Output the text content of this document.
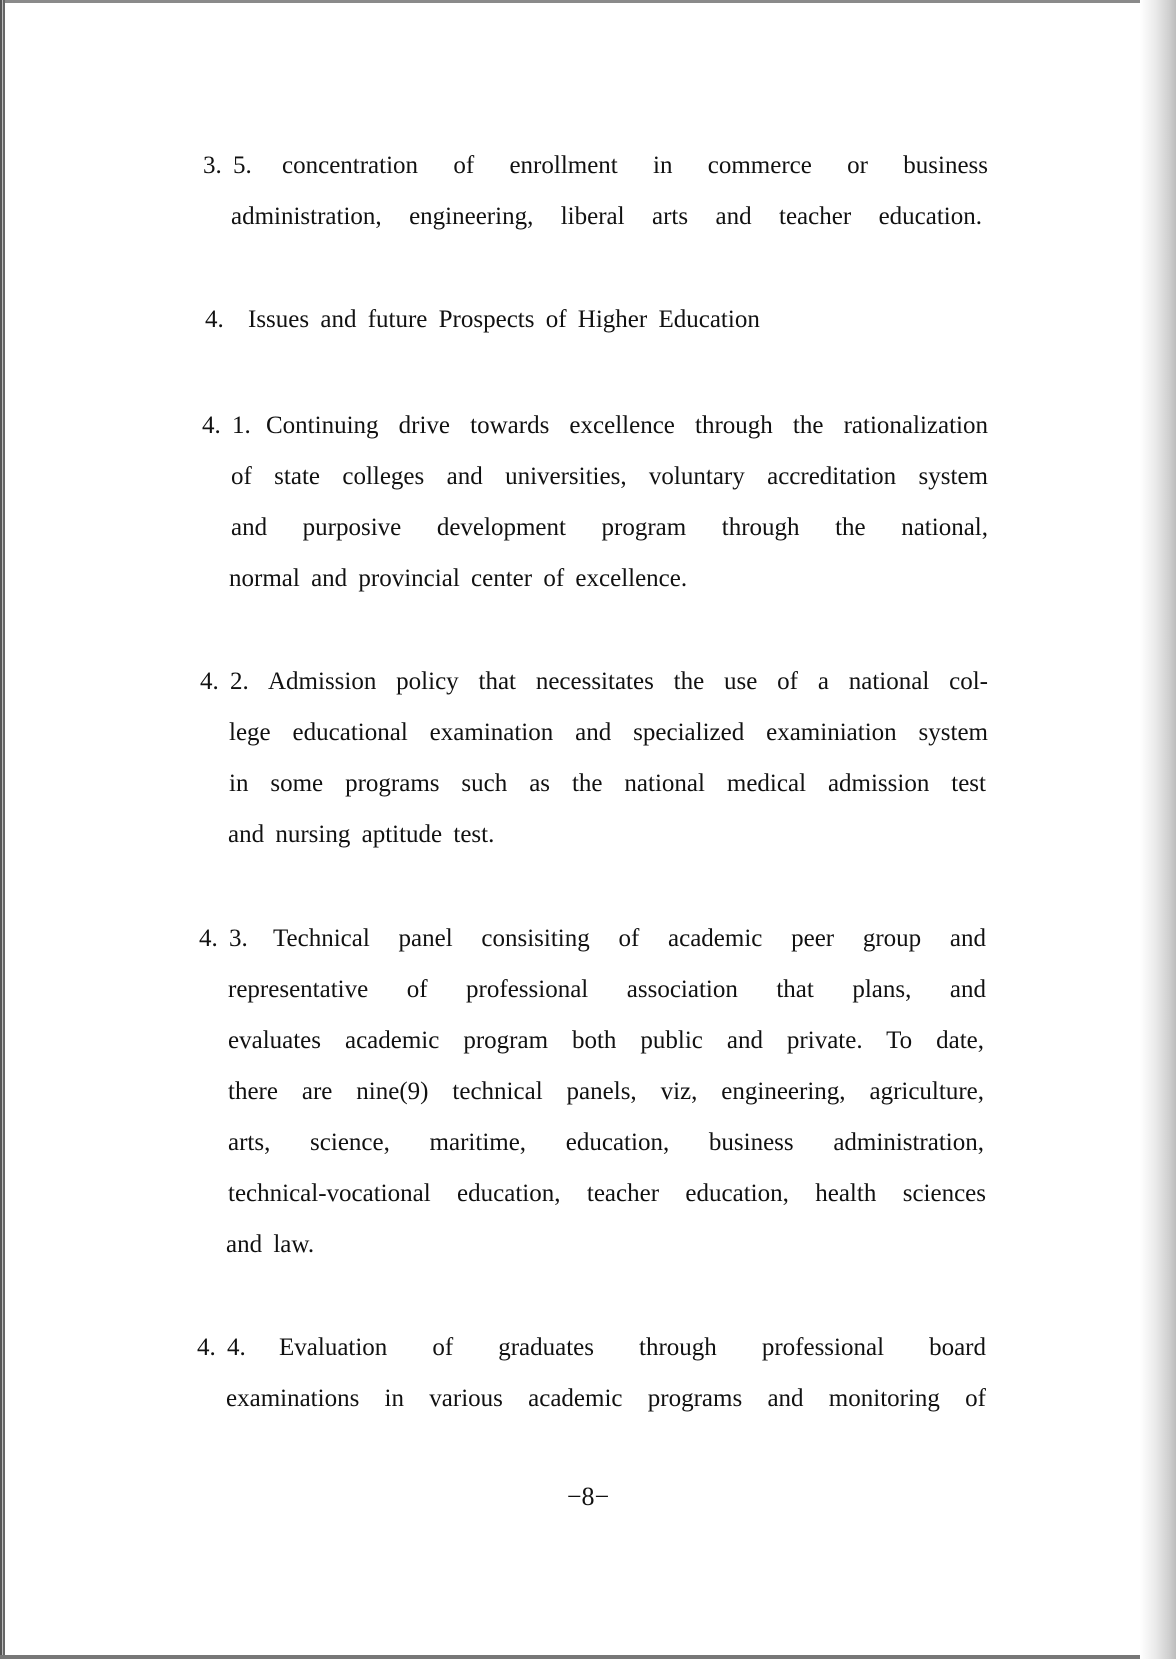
3. 5. concentration of enrollment in commerce or business
administration, engineering, liberal arts and teacher education.
4. Issues and future Prospects of Higher Education
4. 1. Continuing drive towards excellence through the rationalization
of state colleges and universities, voluntary accreditation system
and purposive development program through the national,
normal and provincial center of excellence.
4. 2. Admission policy that necessitates the use of a national col-
lege educational examination and specialized examiniation system
in some programs such as the national medical admission test
and nursing aptitude test.
4. 3. Technical panel consisiting of academic peer group and
representative of professional association that plans, and
evaluates academic program both public and private. To date,
there are nine(9) technical panels, viz, engineering, agriculture,
arts, science, maritime, education, business administration,
technical-vocational education, teacher education, health sciences
and law.
4. 4. Evaluation of graduates through professional board
examinations in various academic programs and monitoring of
−8−
